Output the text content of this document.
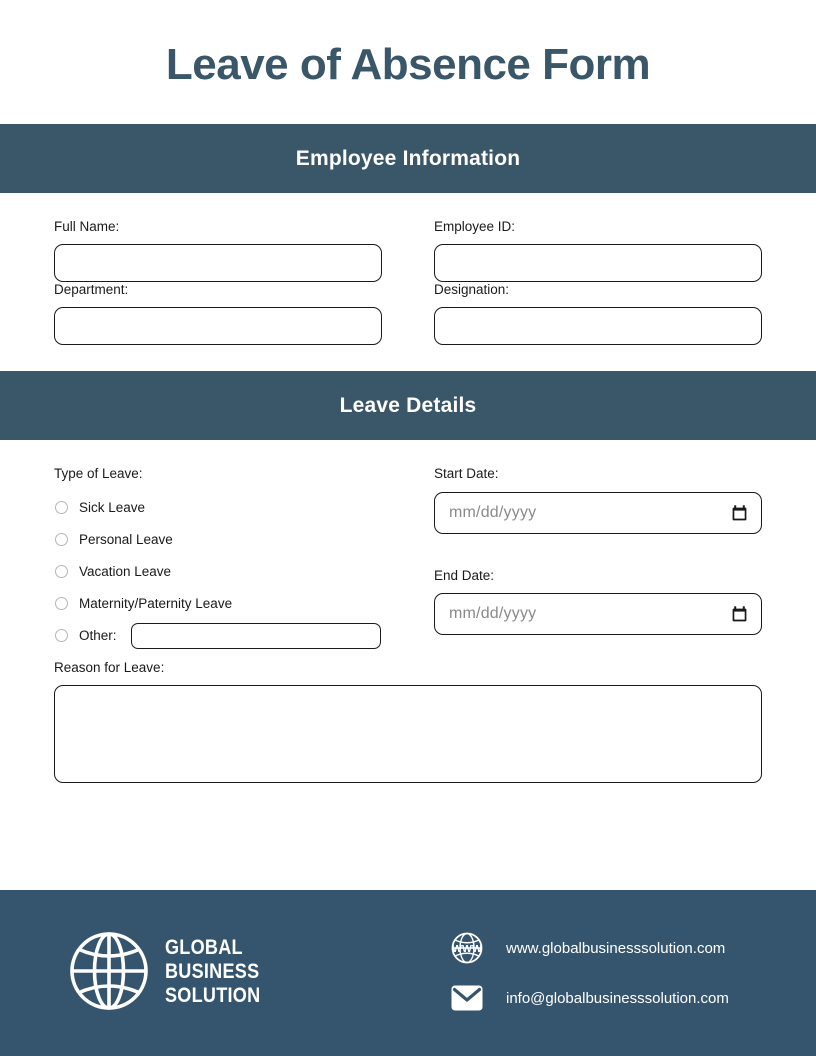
Leave of Absence Form
Employee Information
Full Name:	Employee ID:
Department:	Designation:
Leave Details
Type of Leave:
Sick Leave
Personal Leave
Vacation Leave
Maternity/Paternity Leave
Other:
Start Date:
mm/dd/yyyy
End Date:
mm/dd/yyyy
Reason for Leave:
GLOBAL
BUSINESS
SOLUTION
WWW www.globalbusinesssolution.com
info@globalbusinesssolution.com
